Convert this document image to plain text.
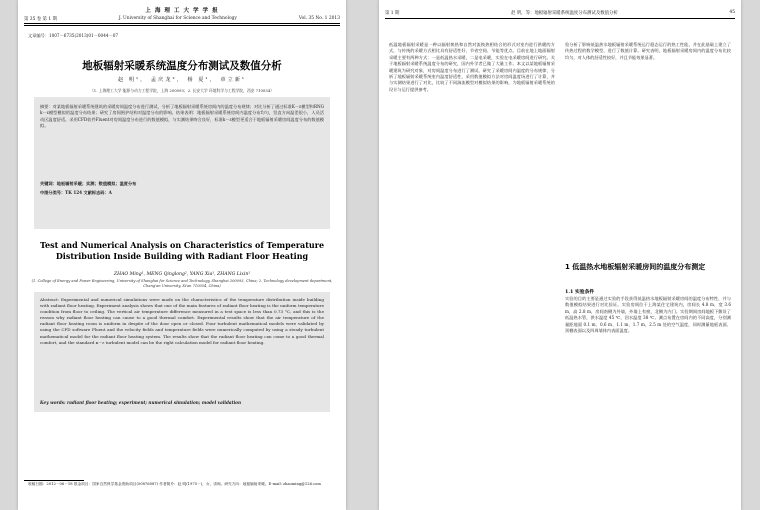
上 海 理 工 大 学 学 报
第 35 卷 第 1 期	J. University of Shanghai for Science and Technology	Vol. 35 No. 1 2013
文章编号：1007－6735(2013)01－0044－07
地板辐射采暖系统温度分布测试及数值分析
赵 明¹， 孟庆龙²， 杨 夏¹， 章立新¹
（1. 上海理工大学 能源与动力工程学院，上海 200093；2. 长安大学 环境科学与工程学院，西安 710054）

摘要：对某地板辐射采暖系统建筑的采暖房间温度分布进行测试，分析了地板辐射采暖系统房间内的温度分布规律；对比分析了通过标准K－ε模型和RNG k－ε模型模拟的温度分布结果；研究了房间围护结构对温度分布的影响。结果表明：地板辐射采暖系统房间内温度分布均匀，竖直方向温差很小，人员活动区温度舒适。采用CFD软件Fluent对房间温度分布进行的数值模拟，与实测结果吻合良好，标准k－ε模型更适合于地板辐射采暖房间温度分布的数值模拟。

关键词：地板辐射采暖；实测；数值模拟；温度分布

中图分类号：TK 124 文献标志码：A

Test and Numerical Analysis on Characteristics of Temperature
Distribution Inside Building with Radiant Floor Heating
ZHAO Ming¹, MENG Qinglong², YANG Xia¹, ZHANG Lixin¹
(1. College of Energy and Power Engineering, University of Shanghai for Science and Technology, Shanghai 200093, China; 2. Technology development department, Chang'an University, Xi'an 710054, China)

Abstract: Experimental and numerical simulations were made on the characteristics of the temperature distribution inside building with radiant floor heating. Experiment analysis shows that one of the main features of radiant floor heating is the uniform temperature condition from floor to ceiling. The vertical air temperature difference measured in a test space is less than 0.73 °C, and this is the reason why radiant floor heating can cause to a good thermal comfort. Experimental results show that the air temperature of the radiant floor heating room is uniform in despite of the door open or closed. Four turbulent mathematical models were validated by using the CFD software Fluent and the velocity fields and temperature fields were numerically computed by using a steady turbulent mathematical model for the radiant floor heating system. The results show that the radiant floor heating can come to a good thermal comfort, and the standard κ－ε turbulent model can be the right calculation model for radiant floor heating.

Key words: radiant floor heating; experiment; numerical simulation; model validation

收稿日期：2012－06－18 基金项目：国家自然科学基金资助项目(50876087) 作者简介：赵 明(1975－)，女，讲师。研究方向：地板辐射采暖。E-mail: zhaoming@126.com
第 1 期	赵 明，等：地板辐射采暖系统温度分布测试及数值分析	45

低温地板辐射采暖是一种以辐射换热和自然对流换热相结合的形式对室内进行供暖的方式，与传统的采暖方式相比具有舒适性好、节省空间、节能等优点。目前在地上地面辐射采暖主要有两种方式：一是低温热水采暖，二是电采暖，实验在电采暖房间进行研究。关于地板辐射采暖系统温度分布的研究，国内外学者已做了大量工作。本文以某地板辐射采暖建筑为研究对象，对房间温度分布进行了测试，研究了采暖房间内温度的分布规律，分析了地板辐射采暖系统室内温度舒适性，采用数值模拟方法对房间温度场进行了计算，并与实测结果进行了对比，比较了不同湍流模型对模拟结果的影响，为地板辐射采暖系统的设计与运行提供参考。

验分析了影响低温热水地板辐射采暖系统运行稳态运行的热工性能，并在此基础上建立了传热过程的数学模型，进行了数值计算。研究表明，地板辐射采暖房间内的温度分布比较均匀，对人体的舒适性较好，并且节能效果显著。

1 低温热水地板辐射采暖房间的温度分布测定
1.1 实验条件

实验的目的主要是通过实验的手段获得低温热水地板辐射采暖房间的温度分布特性，并与数值模拟结果进行对比验证。实验房间位于上海某住宅建筑内，房间长 4.8 m，宽 3.6 m，高 2.8 m，房间南侧为外墙，外墙上有窗，北侧为内门。实验期间房间地板下敷设了低温热水管，供水温度 45 ℃，回水温度 38 ℃。测点布置在房间内的不同高度，分别测量距地面 0.1 m、0.6 m、1.1 m、1.7 m、2.5 m 处的空气温度，同时测量地板表面、顶棚表面以及四周墙体内表面温度。
